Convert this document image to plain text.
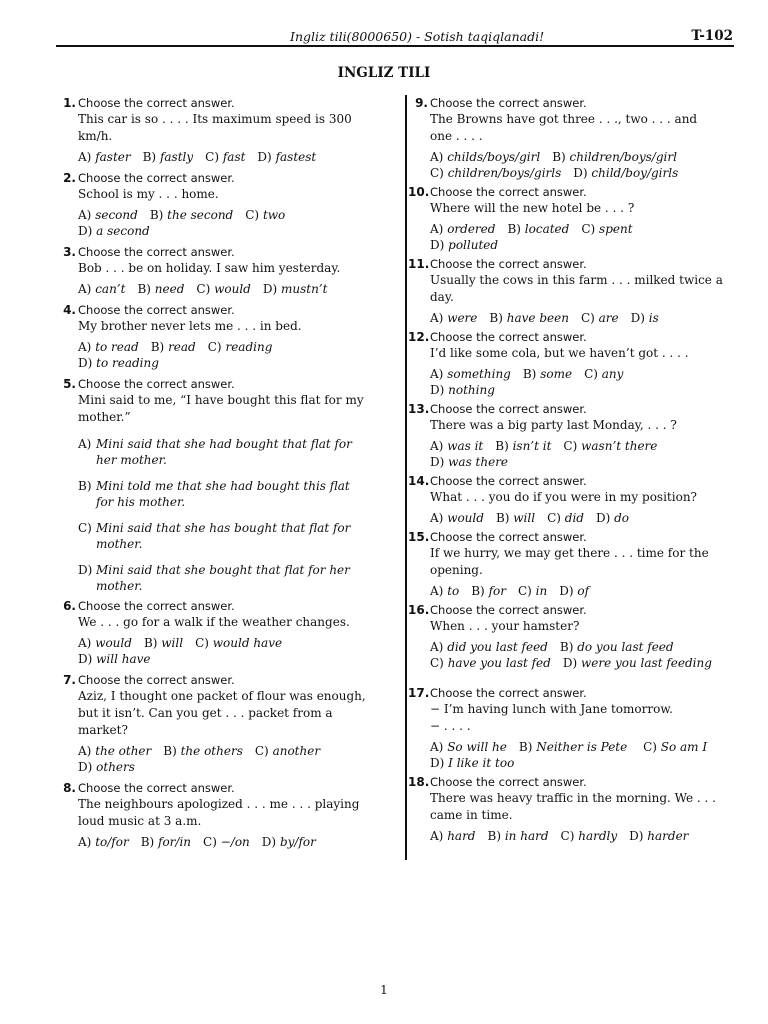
Ingliz tili(8000650) - Sotish taqiqlanadi!	T-102
INGLIZ TILI
1. Choose the correct answer.
This car is so . . . . Its maximum speed is 300 km/h.
A) faster B) fastly C) fast D) fastest
2. Choose the correct answer.
School is my . . . home.
A) second B) the second C) two
D) a second
3. Choose the correct answer.
Bob . . . be on holiday. I saw him yesterday.
A) can’t B) need C) would D) mustn’t
4. Choose the correct answer.
My brother never lets me . . . in bed.
A) to read B) read C) reading
D) to reading
5. Choose the correct answer.
Mini said to me, “I have bought this flat for my mother.”
A) Mini said that she had bought that flat for her mother.
B) Mini told me that she had bought this flat for his mother.
C) Mini said that she has bought that flat for mother.
D) Mini said that she bought that flat for her mother.
6. Choose the correct answer.
We . . . go for a walk if the weather changes.
A) would B) will C) would have
D) will have
7. Choose the correct answer.
Aziz, I thought one packet of flour was enough, but it isn’t. Can you get . . . packet from a market?
A) the other B) the others C) another
D) others
8. Choose the correct answer.
The neighbours apologized . . . me . . . playing loud music at 3 a.m.
A) to/for B) for/in C) −/on D) by/for
9. Choose the correct answer.
The Browns have got three . . ., two . . . and one . . . .
A) childs/boys/girl B) children/boys/girl C) children/boys/girls D) child/boy/girls
10. Choose the correct answer.
Where will the new hotel be . . . ?
A) ordered B) located C) spent
D) polluted
11. Choose the correct answer.
Usually the cows in this farm . . . milked twice a day.
A) were B) have been C) are D) is
12. Choose the correct answer.
I’d like some cola, but we haven’t got . . . .
A) something B) some C) any
D) nothing
13. Choose the correct answer.
There was a big party last Monday, . . . ?
A) was it B) isn’t it C) wasn’t there
D) was there
14. Choose the correct answer.
What . . . you do if you were in my position?
A) would B) will C) did D) do
15. Choose the correct answer.
If we hurry, we may get there . . . time for the opening.
A) to B) for C) in D) of
16. Choose the correct answer.
When . . . your hamster?
A) did you last feed B) do you last feed C) have you last fed D) were you last feeding
17. Choose the correct answer.
− I’m having lunch with Jane tomorrow.
− . . . .
A) So will he B) Neither is Pete C) So am ID) I like it too
18. Choose the correct answer.
There was heavy traffic in the morning. We . . . came in time.
A) hard B) in hard C) hardly D) harder
1
